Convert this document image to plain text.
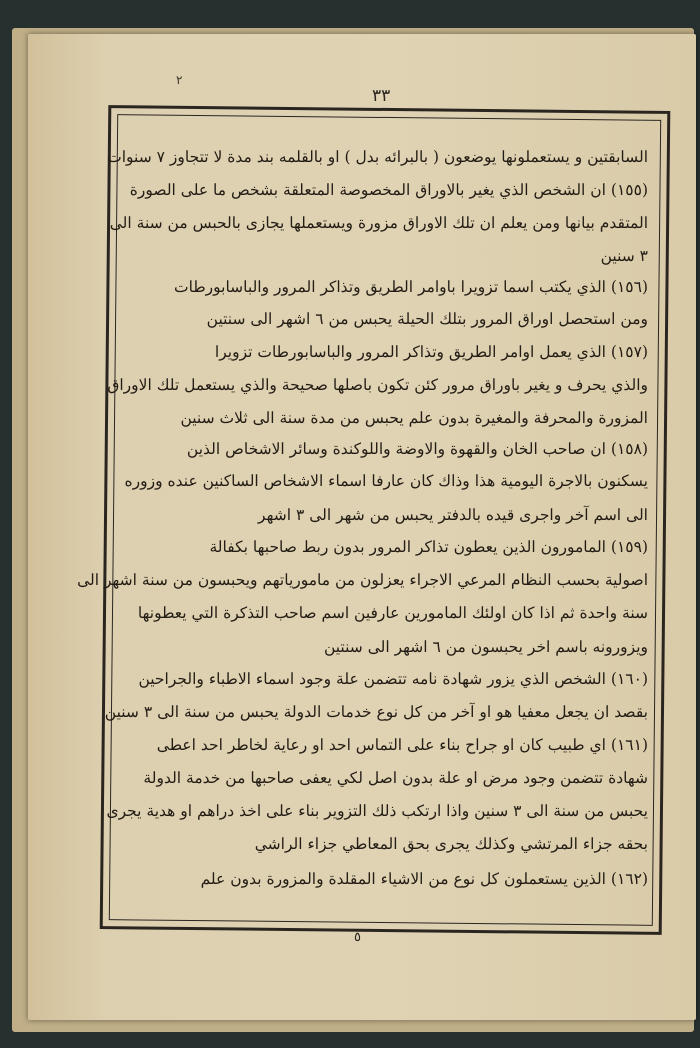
٢
٣٣
السابقتين و يستعملونها يوضعون ( بالبرائه بدل ) او بالقلمه بند مدة لا تتجاوز ٧ سنوات
(١٥٥) ان الشخص الذي يغير بالاوراق المخصوصة المتعلقة بشخص ما على الصورة
المتقدم بيانها ومن يعلم ان تلك الاوراق مزورة ويستعملها يجازى بالحبس من سنة الى
٣ سنين
(١٥٦) الذي يكتب اسما تزويرا باوامر الطريق وتذاكر المرور والباسابورطات
ومن استحصل اوراق المرور بتلك الحيلة يحبس من ٦ اشهر الى سنتين
(١٥٧) الذي يعمل اوامر الطريق وتذاكر المرور والباسابورطات تزويرا
والذي يحرف و يغير باوراق مرور كئن تكون باصلها صحيحة والذي يستعمل تلك الاوراق
المزورة والمحرفة والمغيرة بدون علم يحبس من مدة سنة الى ثلاث سنين
(١٥٨) ان صاحب الخان والقهوة والاوضة واللوكندة وسائر الاشخاص الذين
يسكنون بالاجرة اليومية هذا وذاك كان عارفا اسماء الاشخاص الساكنين عنده وزوره
الى اسم آخر واجرى قيده بالدفتر يحبس من شهر الى ٣ اشهر
(١٥٩) المامورون الذين يعطون تذاكر المرور بدون ربط صاحبها بكفالة
اصولية بحسب النظام المرعي الاجراء يعزلون من مامورياتهم ويحبسون من سنة اشهر الى
سنة واحدة ثم اذا كان اولئك المامورين عارفين اسم صاحب التذكرة التي يعطونها
ويزورونه باسم اخر يحبسون من ٦ اشهر الى سنتين
(١٦٠) الشخص الذي يزور شهادة نامه تتضمن علة وجود اسماء الاطباء والجراحين
بقصد ان يجعل معفيا هو او آخر من كل نوع خدمات الدولة يحبس من سنة الى ٣ سنين
(١٦١) اي طبيب كان او جراح بناء على التماس احد او رعاية لخاطر احد اعطى
شهادة تتضمن وجود مرض او علة بدون اصل لكي يعفى صاحبها من خدمة الدولة
يحبس من سنة الى ٣ سنين واذا ارتكب ذلك التزوير بناء على اخذ دراهم او هدية يجرى
بحقه جزاء المرتشي وكذلك يجرى بحق المعاطي جزاء الراشي
(١٦٢) الذين يستعملون كل نوع من الاشياء المقلدة والمزورة بدون علم
٥
